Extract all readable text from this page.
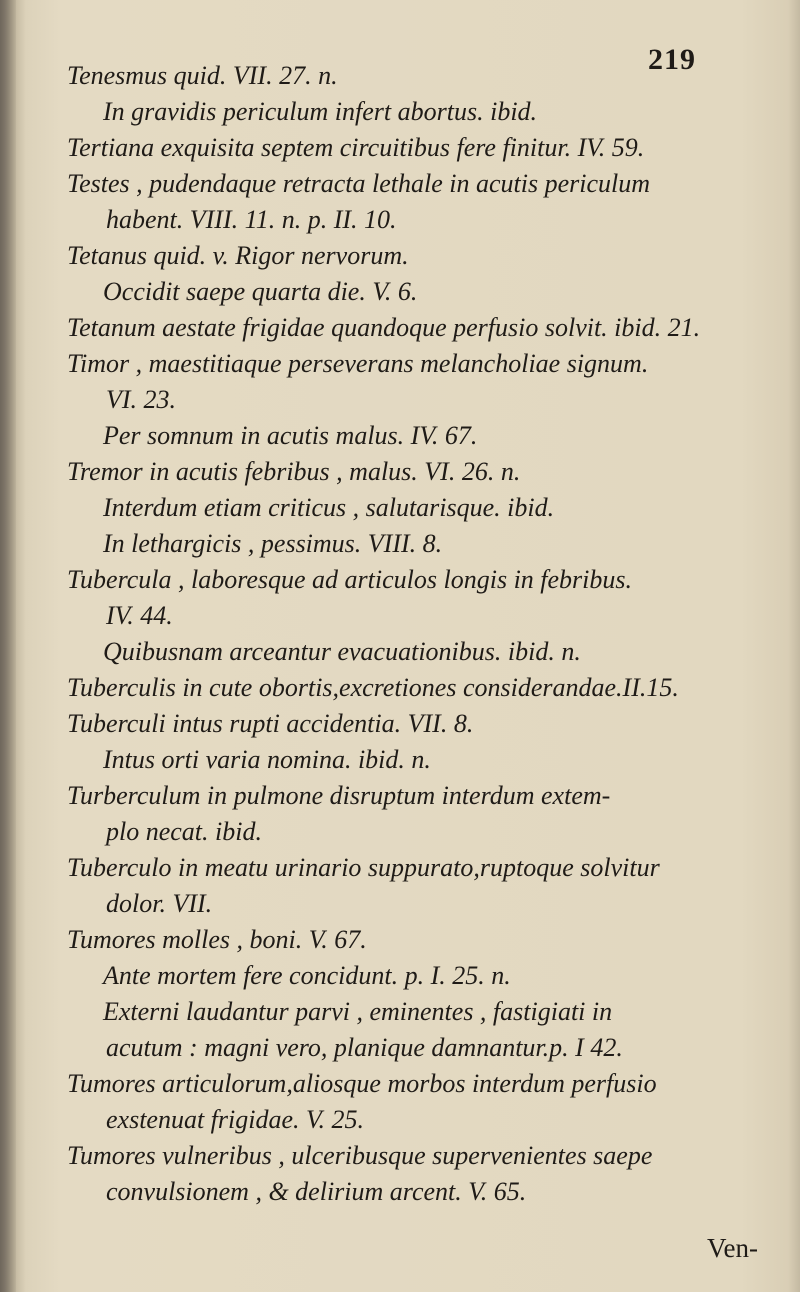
219
Tenesmus quid. VII. 27. n.
In gravidis periculum infert abortus. ibid.
Tertiana exquisita septem circuitibus fere finitur. IV. 59.
Testes , pudendaque retracta lethale in acutis periculum
habent. VIII. 11. n. p. II. 10.
Tetanus quid. v. Rigor nervorum.
Occidit saepe quarta die. V. 6.
Tetanum aestate frigidae quandoque perfusio solvit. ibid. 21.
Timor , maestitiaque perseverans melancholiae signum.
VI. 23.
Per somnum in acutis malus. IV. 67.
Tremor in acutis febribus , malus. VI. 26. n.
Interdum etiam criticus , salutarisque. ibid.
In lethargicis , pessimus. VIII. 8.
Tubercula , laboresque ad articulos longis in febribus.
IV. 44.
Quibusnam arceantur evacuationibus. ibid. n.
Tuberculis in cute obortis,excretiones considerandae.II.15.
Tuberculi intus rupti accidentia. VII. 8.
Intus orti varia nomina. ibid. n.
Turberculum in pulmone disruptum interdum extem-
plo necat. ibid.
Tuberculo in meatu urinario suppurato,ruptoque solvitur
dolor. VII.
Tumores molles , boni. V. 67.
Ante mortem fere concidunt. p. I. 25. n.
Externi laudantur parvi , eminentes , fastigiati in
acutum : magni vero, planique damnantur.p. I 42.
Tumores articulorum,aliosque morbos interdum perfusio
exstenuat frigidae. V. 25.
Tumores vulneribus , ulceribusque supervenientes saepe
convulsionem , & delirium arcent. V. 65.
Ven-
